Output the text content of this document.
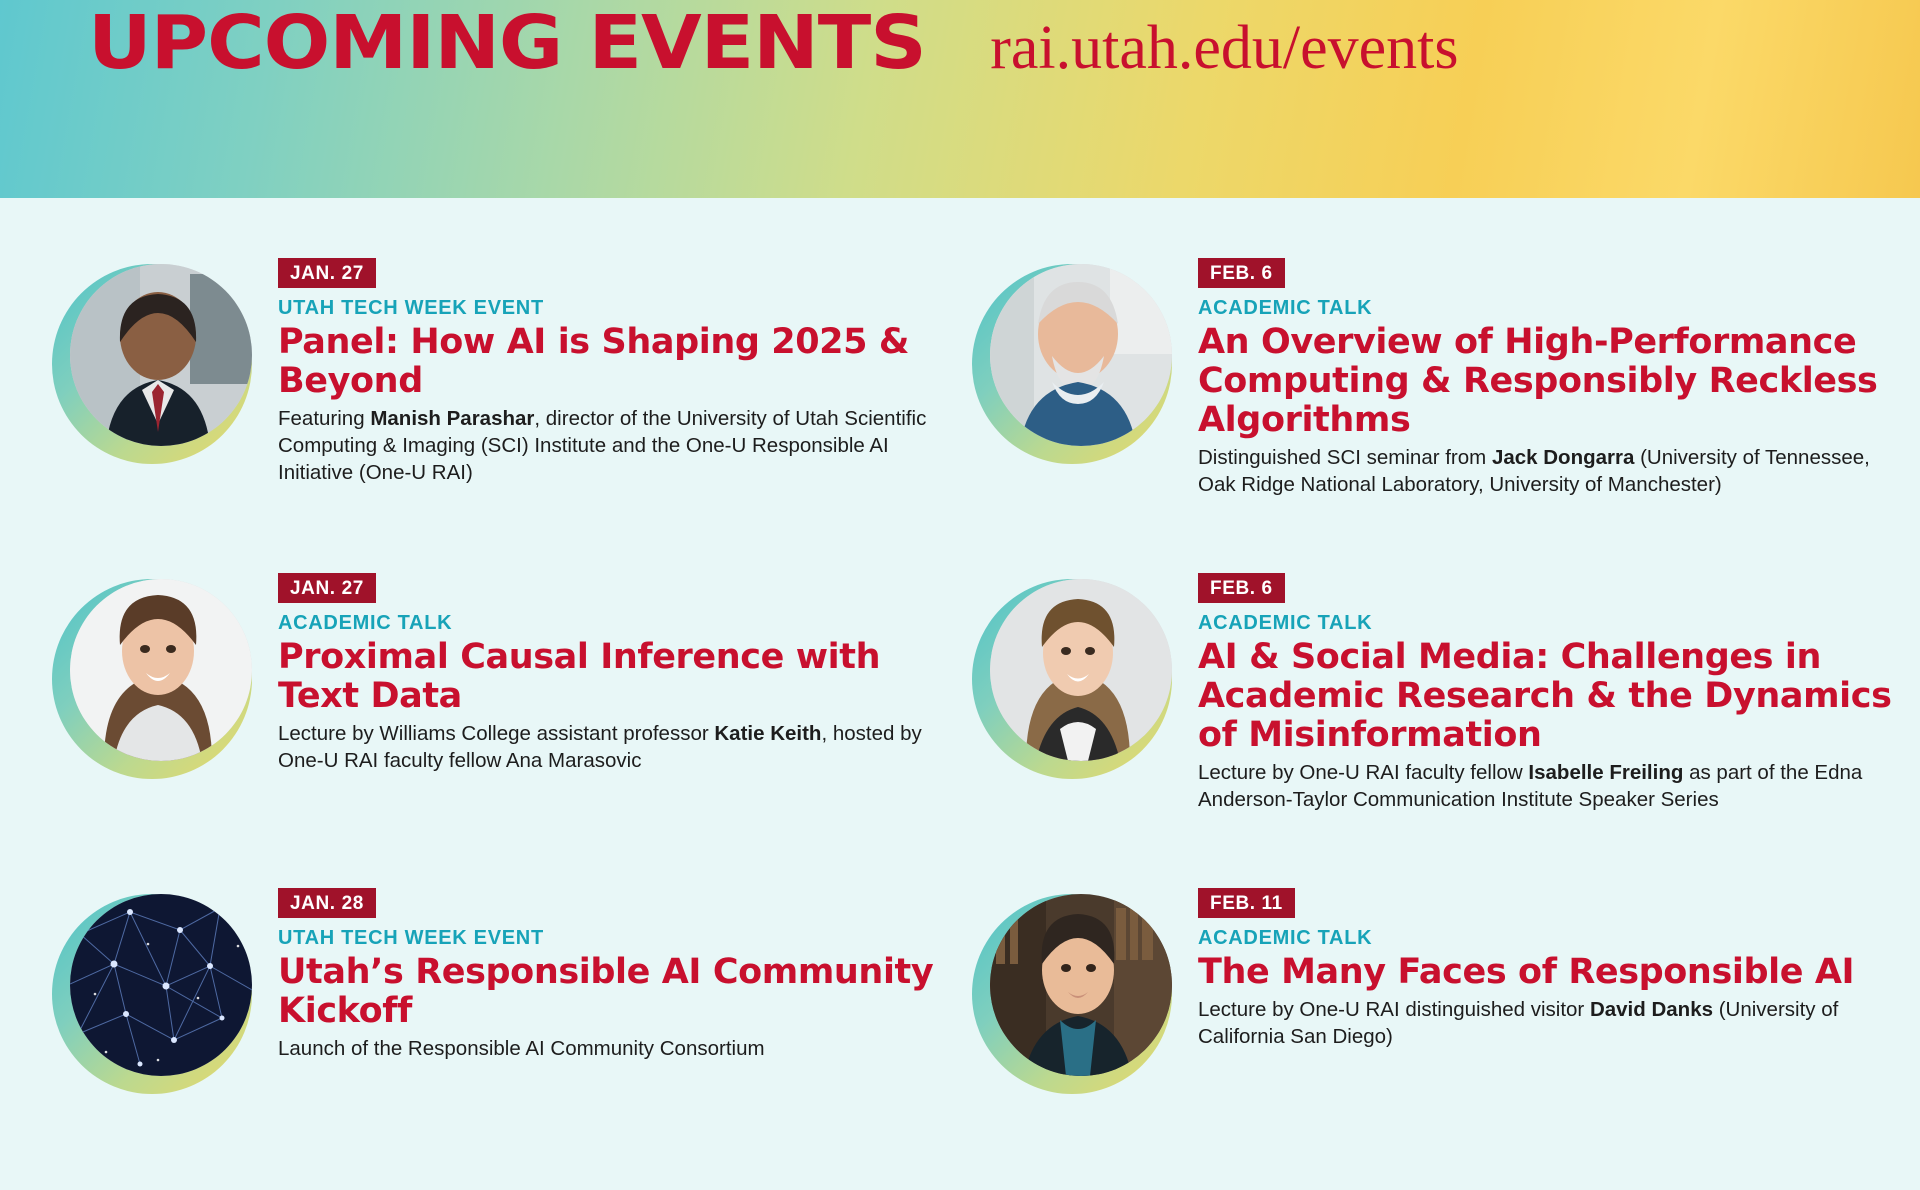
UPCOMING EVENTS rai.utah.edu/events
JAN. 27
UTAH TECH WEEK EVENT
Panel: How AI is Shaping 2025 & Beyond
Featuring Manish Parashar, director of the University of Utah Scientific Computing & Imaging (SCI) Institute and the One-U Responsible AI Initiative (One-U RAI)
FEB. 6
ACADEMIC TALK
An Overview of High-Performance Computing & Responsibly Reckless Algorithms
Distinguished SCI seminar from Jack Dongarra (University of Tennessee, Oak Ridge National Laboratory, University of Manchester)
JAN. 27
ACADEMIC TALK
Proximal Causal Inference with Text Data
Lecture by Williams College assistant professor Katie Keith, hosted by One-U RAI faculty fellow Ana Marasovic
FEB. 6
ACADEMIC TALK
AI & Social Media: Challenges in Academic Research & the Dynamics of Misinformation
Lecture by One-U RAI faculty fellow Isabelle Freiling as part of the Edna Anderson-Taylor Communication Institute Speaker Series
JAN. 28
UTAH TECH WEEK EVENT
Utah’s Responsible AI Community Kickoff
Launch of the Responsible AI Community Consortium
FEB. 11
ACADEMIC TALK
The Many Faces of Responsible AI
Lecture by One-U RAI distinguished visitor David Danks (University of California San Diego)
